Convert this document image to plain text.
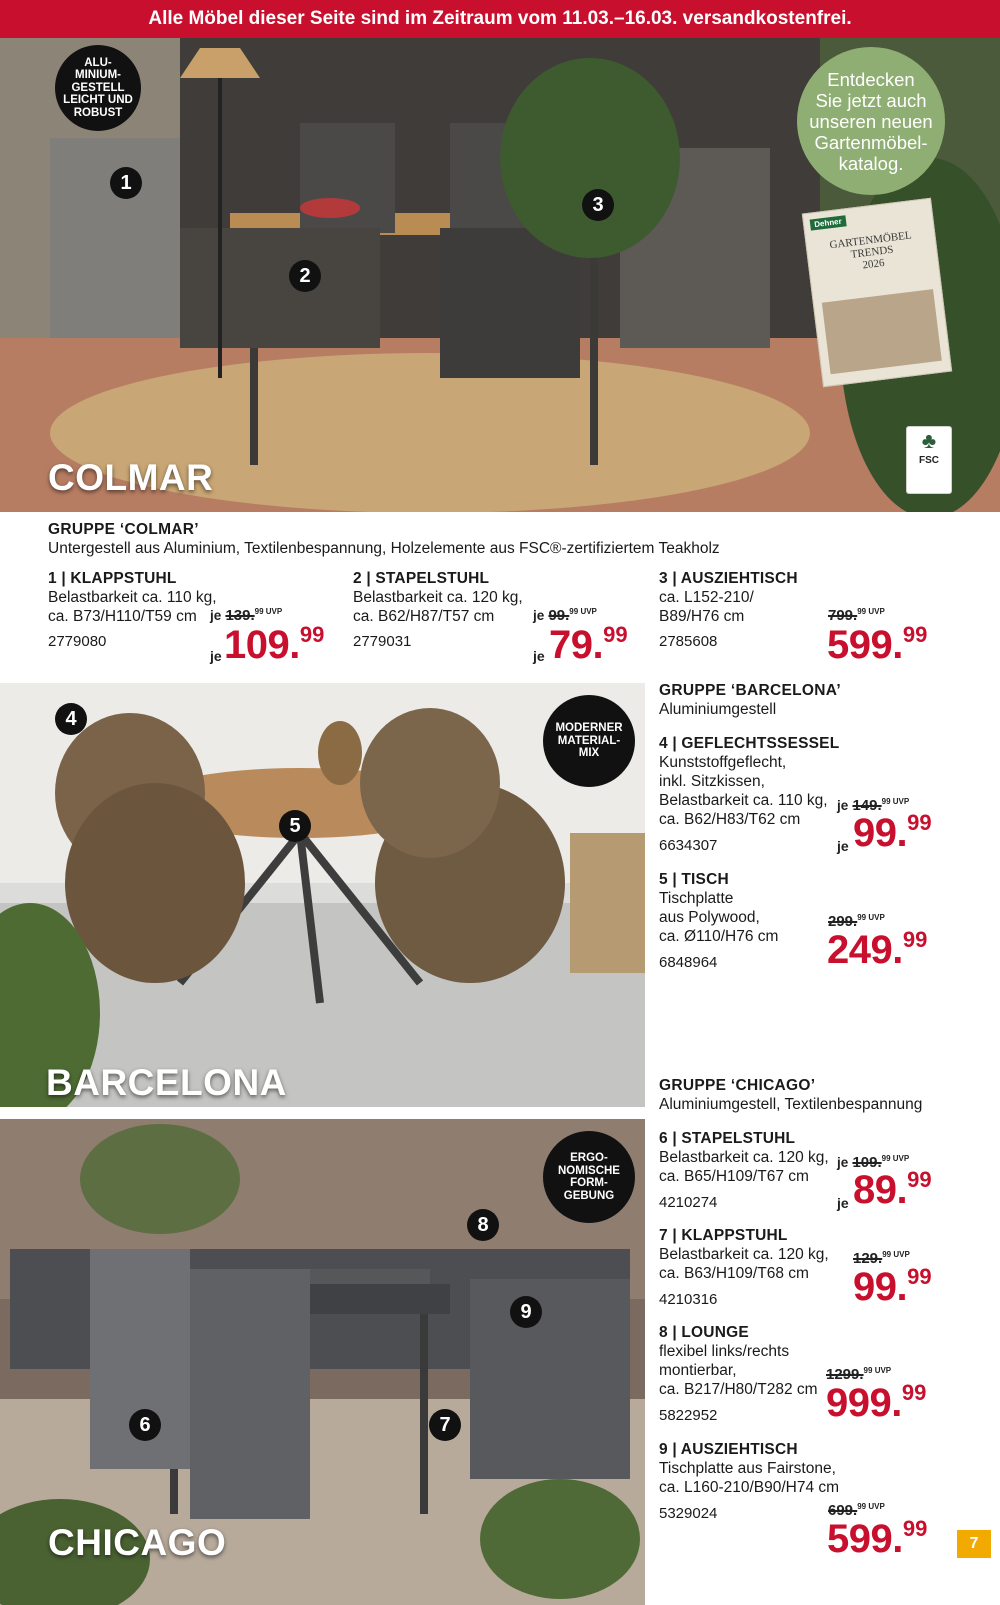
Alle Möbel dieser Seite sind im Zeitraum vom 11.03.–16.03. versandkostenfrei.
COLMAR
Entdecken
Sie jetzt auch
unseren neuen
Gartenmöbel-
katalog.
Dehner
GARTENMÖBEL
TRENDS
2026
♣
FSC
ALU-
MINIUM-
GESTELL
LEICHT UND
ROBUST
1
2
3
GRUPPE ‘COLMAR’
Untergestell aus Aluminium, Textilenbespannung, Holzelemente aus FSC®-zertifiziertem Teakholz
1 | KLAPPSTUHL
Belastbarkeit ca. 110 kg,
ca. B73/H110/T59 cm
2779080
je 139.$^{99 UVP}$
je 109.99
2 | STAPELSTUHL
Belastbarkeit ca. 120 kg,
ca. B62/H87/T57 cm
2779031
je 99.$^{99 UVP}$
je 79.99
3 | AUSZIEHTISCH
ca. L152-210/
B89/H76 cm
2785608
799.$^{99 UVP}$
599.99
BARCELONA
MODERNER
MATERIAL-
MIX
4
5
GRUPPE ‘BARCELONA’
Aluminiumgestell
4 | GEFLECHTSSESSEL
Kunststoffgeflecht,
inkl. Sitzkissen,
Belastbarkeit ca. 110 kg,
ca. B62/H83/T62 cm
6634307
je 149.$^{99 UVP}$
je 99.99
5 | TISCH
Tischplatte
aus Polywood,
ca. Ø110/H76 cm
6848964
299.$^{99 UVP}$
249.99
CHICAGO
ERGO-
NOMISCHE
FORM-
GEBUNG
6	7
8
9
GRUPPE ‘CHICAGO’
Aluminiumgestell, Textilenbespannung
6 | STAPELSTUHL
Belastbarkeit ca. 120 kg,
ca. B65/H109/T67 cm
4210274
je 109.$^{99 UVP}$
je 89.99
7 | KLAPPSTUHL
Belastbarkeit ca. 120 kg,
ca. B63/H109/T68 cm
4210316
129.$^{99 UVP}$
99.99
8 | LOUNGE
flexibel links/rechts
montierbar,
ca. B217/H80/T282 cm
5822952
1299.$^{99 UVP}$
999.99
9 | AUSZIEHTISCH
Tischplatte aus Fairstone,
ca. L160-210/B90/H74 cm
5329024	699.$^{99 UVP}$
599.99
7
